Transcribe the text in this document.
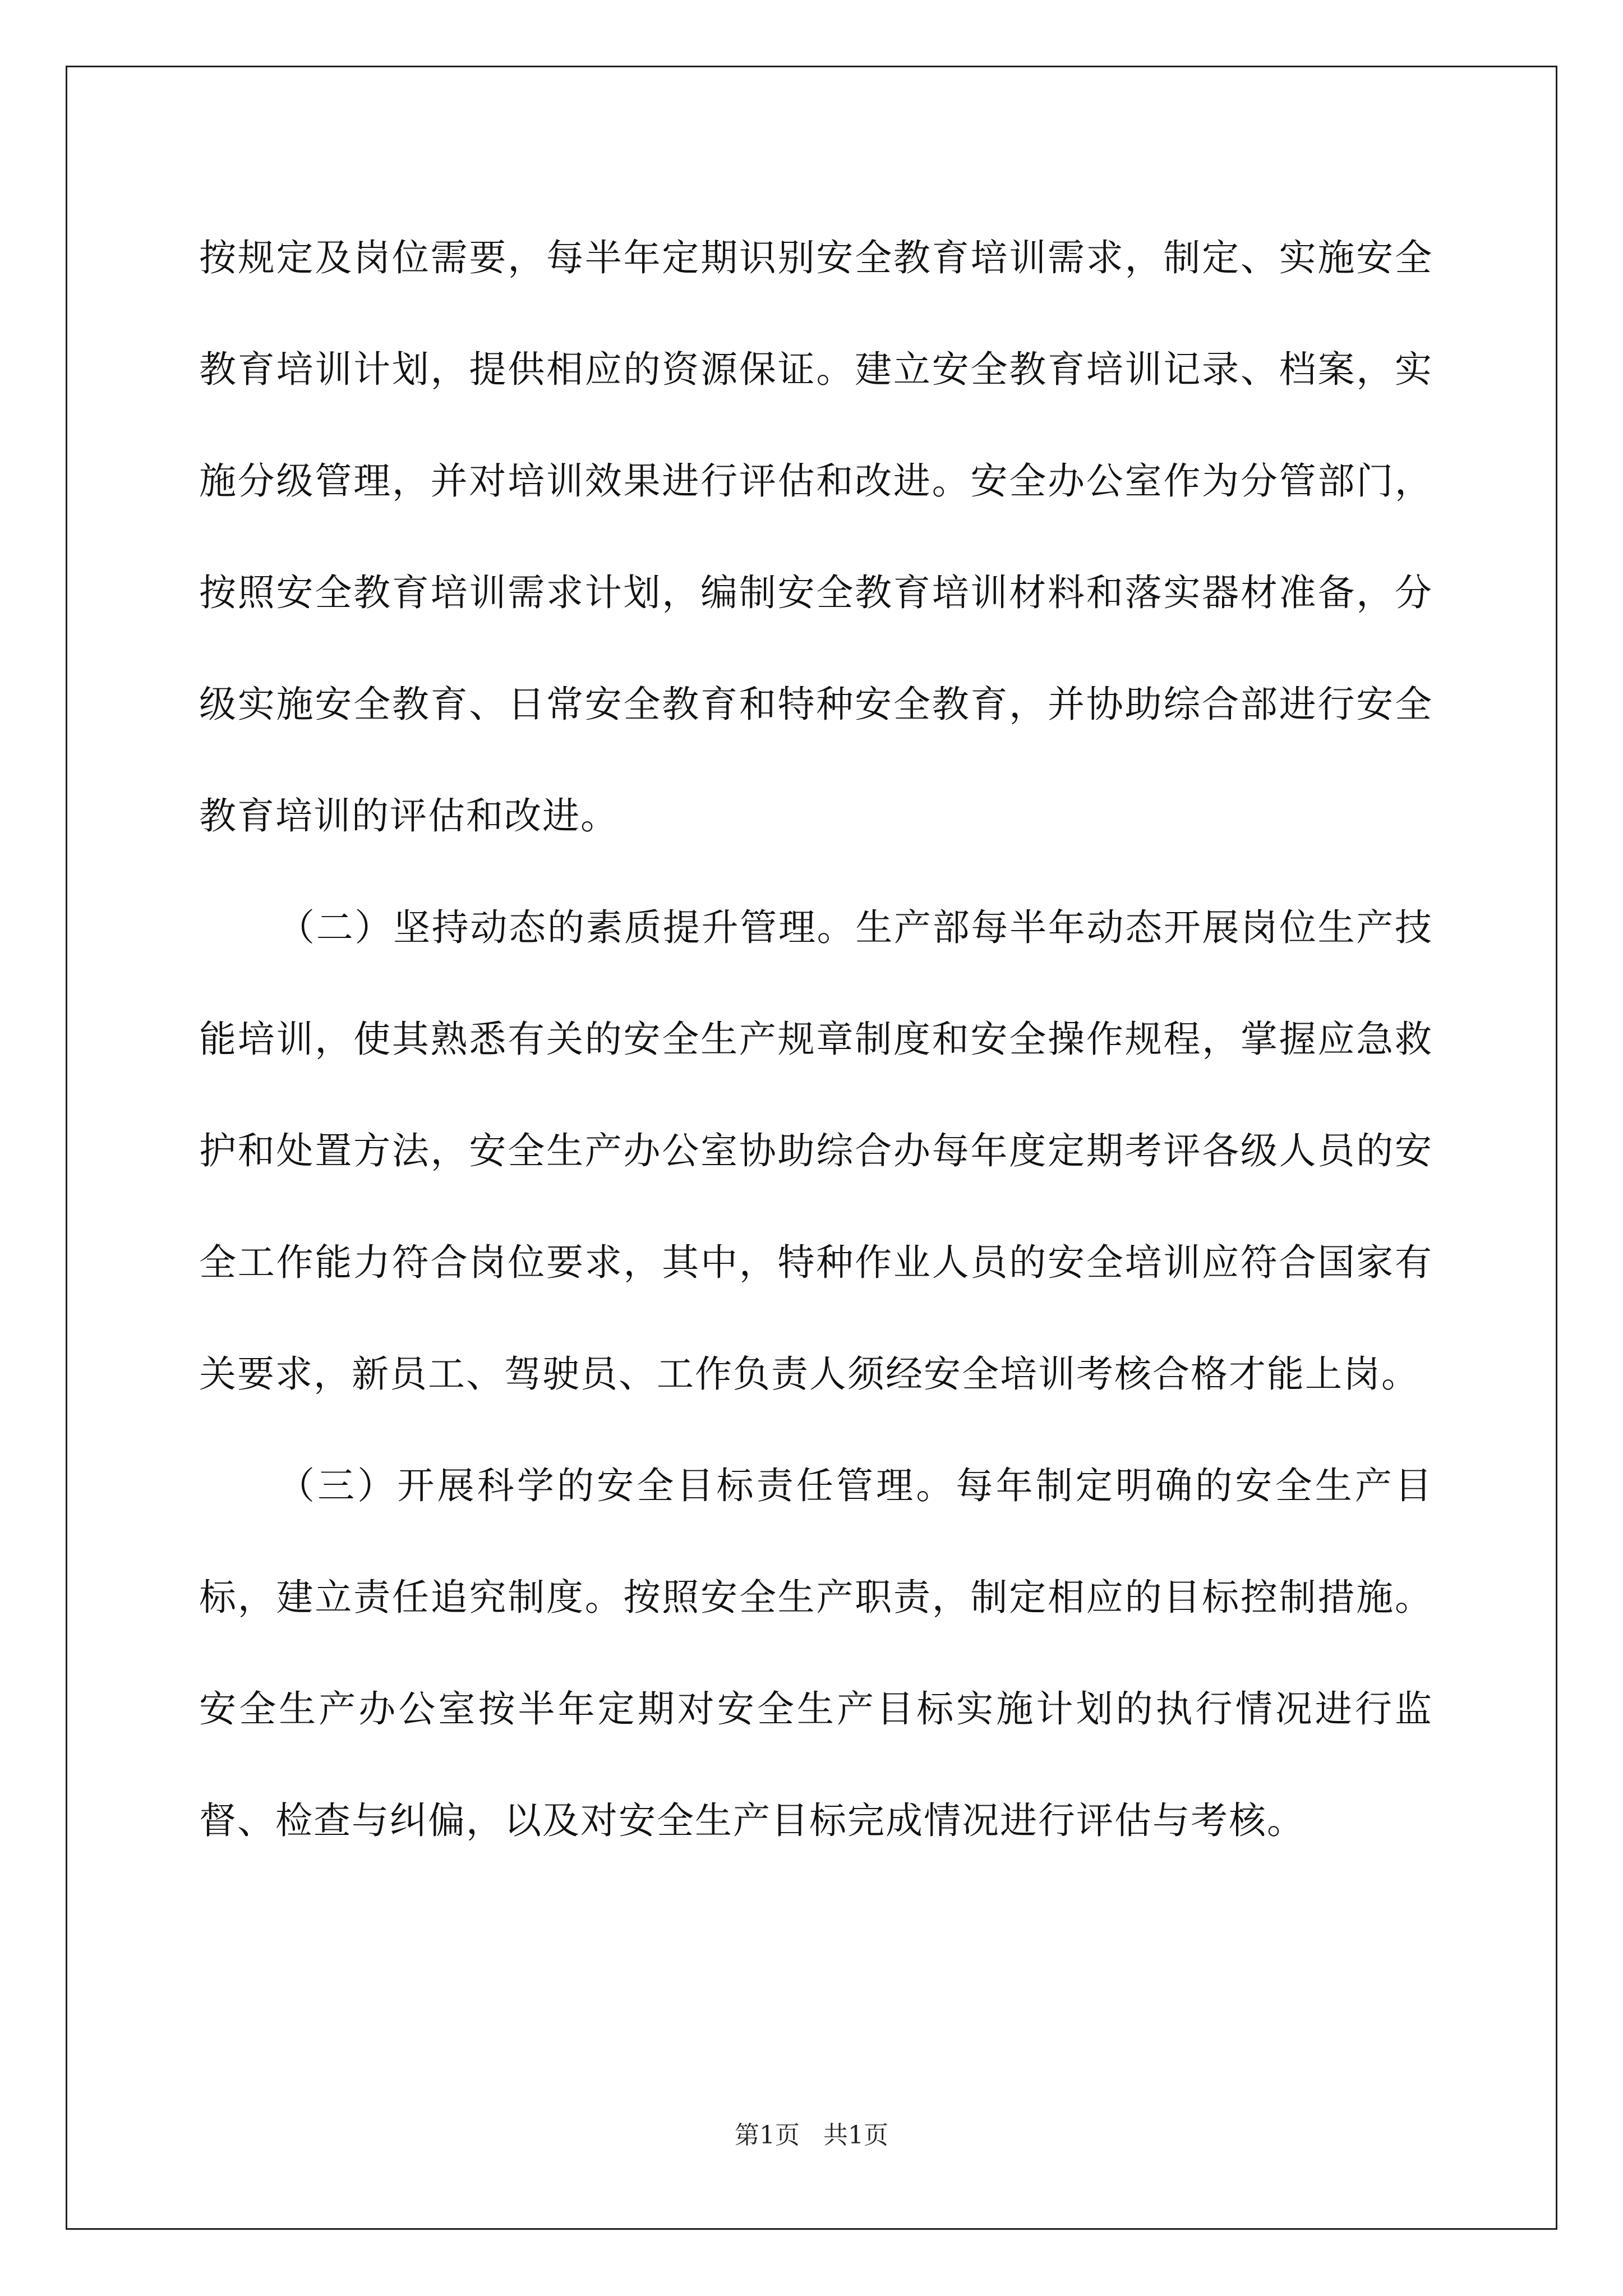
按规定及岗位需要，每半年定期识别安全教育培训需求，制定、实施安全教育培训计划，提供相应的资源保证。建立安全教育培训记录、档案，实施分级管理，并对培训效果进行评估和改进。安全办公室作为分管部门，按照安全教育培训需求计划，编制安全教育培训材料和落实器材准备，分级实施安全教育、日常安全教育和特种安全教育，并协助综合部进行安全教育培训的评估和改进。

（二）坚持动态的素质提升管理。生产部每半年动态开展岗位生产技能培训，使其熟悉有关的安全生产规章制度和安全操作规程，掌握应急救护和处置方法，安全生产办公室协助综合办每年度定期考评各级人员的安全工作能力符合岗位要求，其中，特种作业人员的安全培训应符合国家有关要求，新员工、驾驶员、工作负责人须经安全培训考核合格才能上岗。

（三）开展科学的安全目标责任管理。每年制定明确的安全生产目标，建立责任追究制度。按照安全生产职责，制定相应的目标控制措施。安全生产办公室按半年定期对安全生产目标实施计划的执行情况进行监督、检查与纠偏，以及对安全生产目标完成情况进行评估与考核。

第1页   共1页
